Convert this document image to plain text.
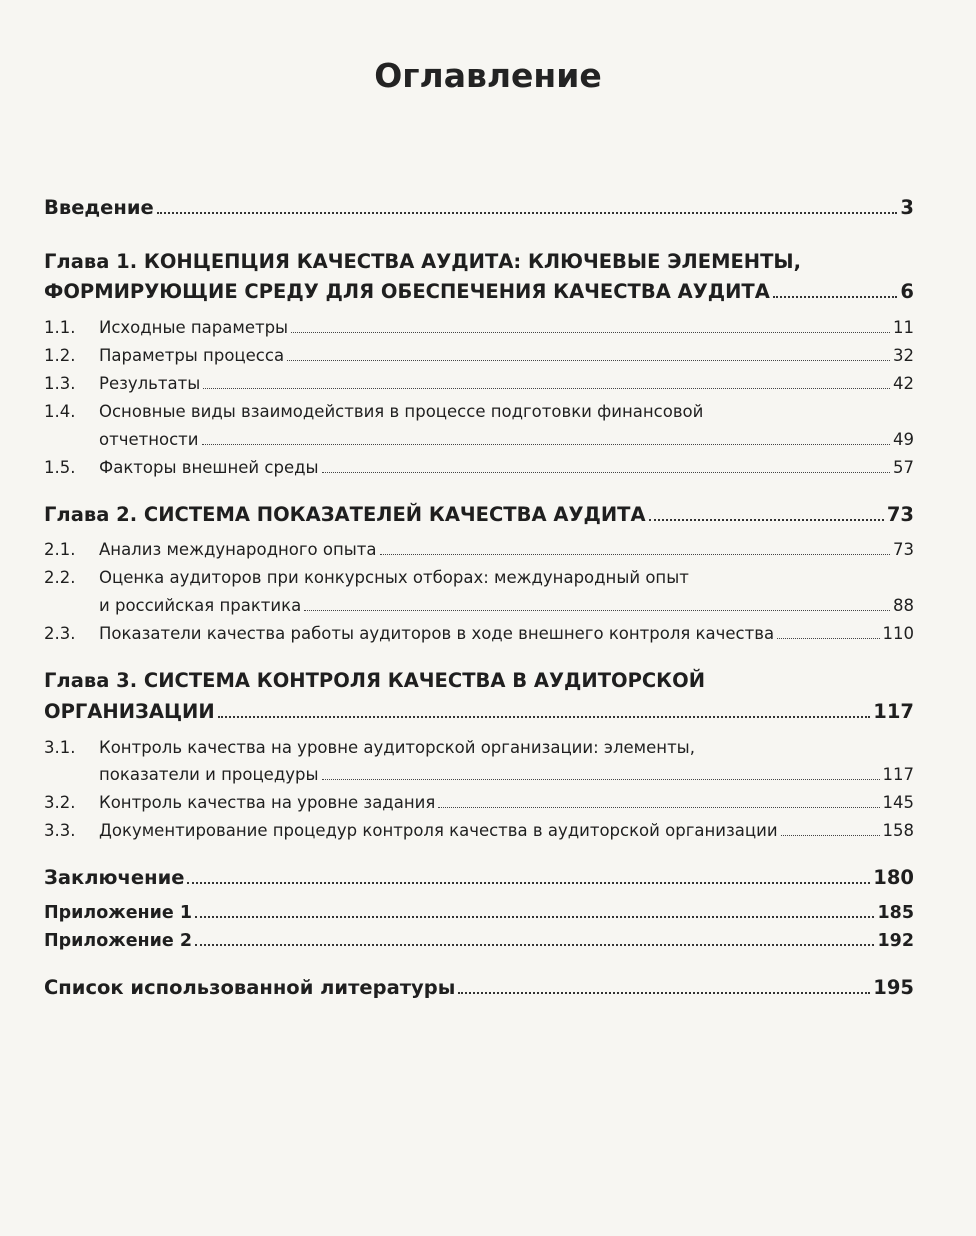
Оглавление
Введение	3
Глава 1. КОНЦЕПЦИЯ КАЧЕСТВА АУДИТА: КЛЮЧЕВЫЕ ЭЛЕМЕНТЫ,
ФОРМИРУЮЩИЕ СРЕДУ ДЛЯ ОБЕСПЕЧЕНИЯ КАЧЕСТВА АУДИТА	6
1.1.	Исходные параметры	11
1.2.	Параметры процесса	32
1.3.	Результаты	42
1.4. Основные виды взаимодействия в процессе подготовки финансовой
отчетности	49
1.5.	Факторы внешней среды	57
Глава 2. СИСТЕМА ПОКАЗАТЕЛЕЙ КАЧЕСТВА АУДИТА	73
2.1.	Анализ международного опыта	73
2.2. Оценка аудиторов при конкурсных отборах: международный опыт
и российская практика	88
2.3.	Показатели качества работы аудиторов в ходе внешнего контроля качества	110
Глава 3. СИСТЕМА КОНТРОЛЯ КАЧЕСТВА В АУДИТОРСКОЙ
ОРГАНИЗАЦИИ	117
3.1. Контроль качества на уровне аудиторской организации: элементы,
показатели и процедуры	117
3.2.	Контроль качества на уровне задания	145
3.3.	Документирование процедур контроля качества в аудиторской организации	158
Заключение	180
Приложение 1	185
Приложение 2	192
Список использованной литературы	195
